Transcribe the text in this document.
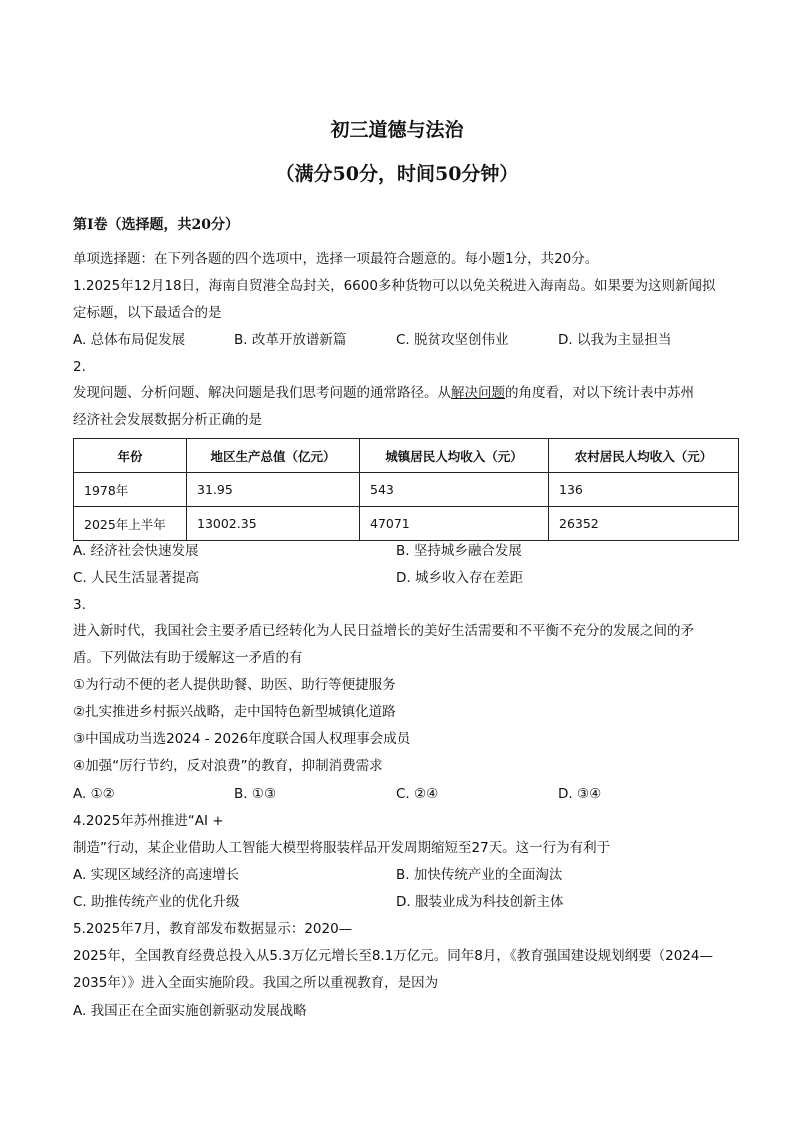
初三道德与法治
（满分50分，时间50分钟）
第Ⅰ卷（选择题，共20分）
单项选择题：在下列各题的四个选项中，选择一项最符合题意的。每小题1分，共20分。
1.2025年12月18日，海南自贸港全岛封关，6600多种货物可以以免关税进入海南岛。如果要为这则新闻拟
定标题，以下最适合的是
A. 总体布局促发展	B. 改革开放谱新篇	C. 脱贫攻坚创伟业	D. 以我为主显担当
2.
发现问题、分析问题、解决问题是我们思考问题的通常路径。从解决问题的角度看，对以下统计表中苏州
经济社会发展数据分析正确的是
年份	地区生产总值（亿元）	城镇居民人均收入（元）	农村居民人均收入（元）
1978年	31.95	543	136
2025年上半年	13002.35	47071	26352
A. 经济社会快速发展	B. 坚持城乡融合发展
C. 人民生活显著提高	D. 城乡收入存在差距
3.
进入新时代，我国社会主要矛盾已经转化为人民日益增长的美好生活需要和不平衡不充分的发展之间的矛
盾。下列做法有助于缓解这一矛盾的有
①为行动不便的老人提供助餐、助医、助行等便捷服务
②扎实推进乡村振兴战略，走中国特色新型城镇化道路
③中国成功当选2024 - 2026年度联合国人权理事会成员
④加强“厉行节约，反对浪费”的教育，抑制消费需求
A. ①②	B. ①③	C. ②④	D. ③④
4.2025年苏州推进“AI +
制造”行动，某企业借助人工智能大模型将服装样品开发周期缩短至27天。这一行为有利于
A. 实现区域经济的高速增长	B. 加快传统产业的全面淘汰
C. 助推传统产业的优化升级	D. 服装业成为科技创新主体
5.2025年7月，教育部发布数据显示：2020—
2025年，全国教育经费总投入从5.3万亿元增长至8.1万亿元。同年8月，《教育强国建设规划纲要（2024—
2035年）》进入全面实施阶段。我国之所以重视教育，是因为
A. 我国正在全面实施创新驱动发展战略
